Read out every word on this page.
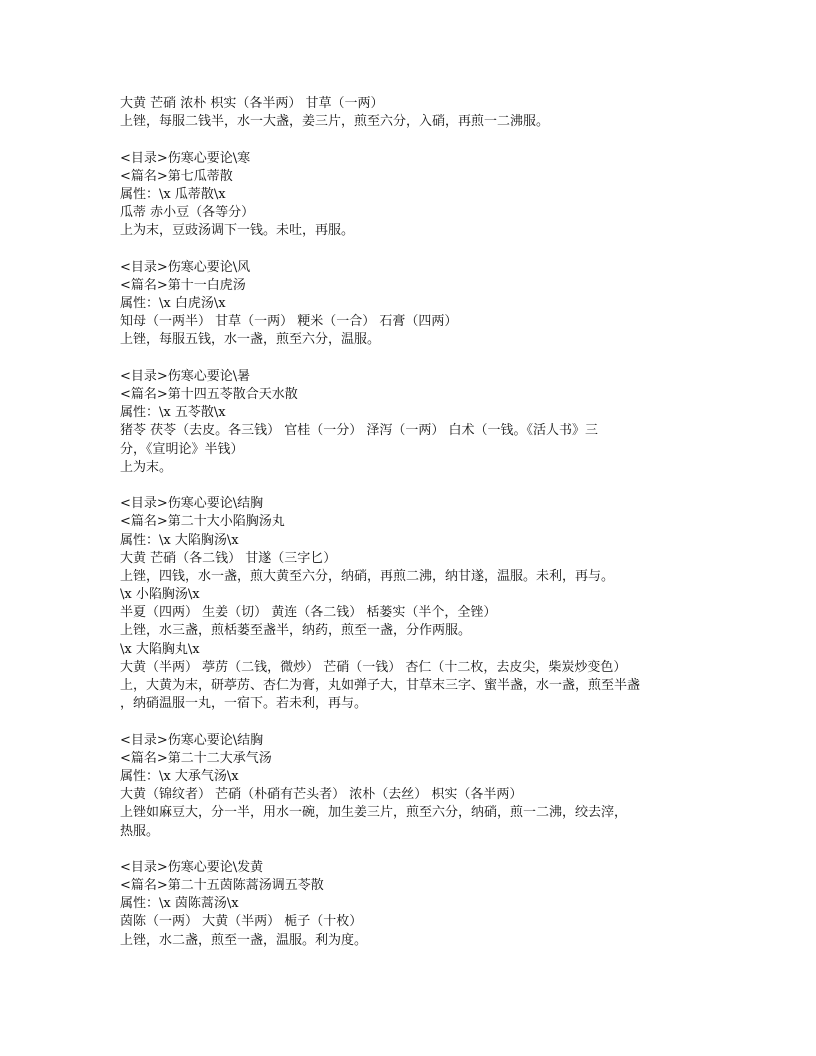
大黄 芒硝 浓朴 枳实（各半两） 甘草（一两）
上锉，每服二钱半，水一大盏，姜三片，煎至六分，入硝，再煎一二沸服。
<目录>伤寒心要论\寒
<篇名>第七瓜蒂散
属性：\x 瓜蒂散\x
瓜蒂 赤小豆（各等分）
上为末，豆豉汤调下一钱。未吐，再服。
<目录>伤寒心要论\风
<篇名>第十一白虎汤
属性：\x 白虎汤\x
知母（一两半） 甘草（一两） 粳米（一合） 石膏（四两）
上锉，每服五钱，水一盏，煎至六分，温服。
<目录>伤寒心要论\暑
<篇名>第十四五苓散合天水散
属性：\x 五苓散\x
猪苓 茯苓（去皮。各三钱） 官桂（一分） 泽泻（一两） 白术（一钱。《活人书》三
分，《宣明论》半钱）
上为末。
<目录>伤寒心要论\结胸
<篇名>第二十大小陷胸汤丸
属性：\x 大陷胸汤\x
大黄 芒硝（各二钱） 甘遂（三字匕）
上锉，四钱，水一盏，煎大黄至六分，纳硝，再煎二沸，纳甘遂，温服。未利，再与。
\x 小陷胸汤\x
半夏（四两） 生姜（切） 黄连（各二钱） 栝蒌实（半个，全锉）
上锉，水三盏，煎栝蒌至盏半，纳药，煎至一盏，分作两服。
\x 大陷胸丸\x
大黄（半两） 葶苈（二钱，微炒） 芒硝（一钱） 杏仁（十二枚，去皮尖，柴炭炒变色）
上，大黄为末，研葶苈、杏仁为膏，丸如弹子大，甘草末三字、蜜半盏，水一盏，煎至半盏
，纳硝温服一丸，一宿下。若未利，再与。
<目录>伤寒心要论\结胸
<篇名>第二十二大承气汤
属性：\x 大承气汤\x
大黄（锦纹者） 芒硝（朴硝有芒头者） 浓朴（去丝） 枳实（各半两）
上锉如麻豆大，分一半，用水一碗，加生姜三片，煎至六分，纳硝，煎一二沸，绞去滓，
热服。
<目录>伤寒心要论\发黄
<篇名>第二十五茵陈蒿汤调五苓散
属性：\x 茵陈蒿汤\x
茵陈（一两） 大黄（半两） 栀子（十枚）
上锉，水二盏，煎至一盏，温服。利为度。
